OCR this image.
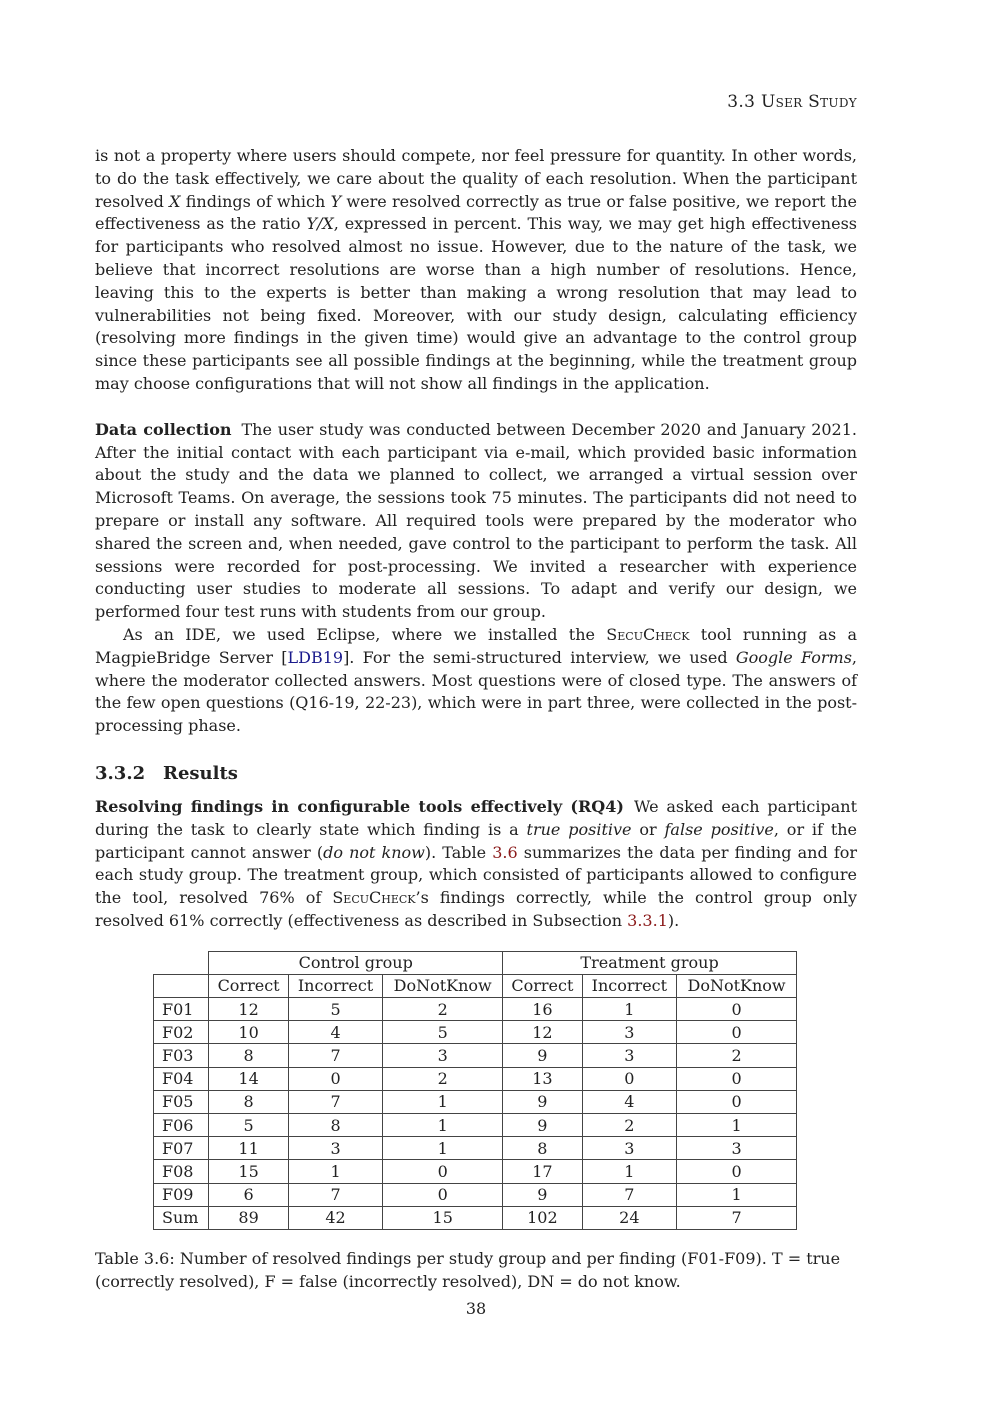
3.3 User Study

is not a property where users should compete, nor feel pressure for quantity. In other words, to do the task effectively, we care about the quality of each resolution. When the participant resolved X findings of which Y were resolved correctly as true or false positive, we report the effectiveness as the ratio Y/X, expressed in percent. This way, we may get high effectiveness for participants who resolved almost no issue. However, due to the nature of the task, we believe that incorrect resolutions are worse than a high number of resolutions. Hence, leaving this to the experts is better than making a wrong resolution that may lead to vulnerabilities not being fixed. Moreover, with our study design, calculating efficiency (resolving more findings in the given time) would give an advantage to the control group since these participants see all possible findings at the beginning, while the treatment group may choose configurations that will not show all findings in the application.

Data collection The user study was conducted between December 2020 and January 2021. After the initial contact with each participant via e-mail, which provided basic information about the study and the data we planned to collect, we arranged a virtual session over Microsoft Teams. On average, the sessions took 75 minutes. The participants did not need to prepare or install any software. All required tools were prepared by the moderator who shared the screen and, when needed, gave control to the participant to perform the task. All sessions were recorded for post-processing. We invited a researcher with experience conducting user studies to moderate all sessions. To adapt and verify our design, we performed four test runs with students from our group.

As an IDE, we used Eclipse, where we installed the SecuCheck tool running as a MagpieBridge Server [LDB19]. For the semi-structured interview, we used Google Forms, where the moderator collected answers. Most questions were of closed type. The answers of the few open questions (Q16-19, 22-23), which were in part three, were collected in the post-processing phase.

3.3.2 Results

Resolving findings in configurable tools effectively (RQ4) We asked each participant during the task to clearly state which finding is a true positive or false positive, or if the participant cannot answer (do not know). Table 3.6 summarizes the data per finding and for each study group. The treatment group, which consisted of participants allowed to configure the tool, resolved 76% of SecuCheck’s findings correctly, while the control group only resolved 61% correctly (effectiveness as described in Subsection 3.3.1).

	Control group			Treatment group		
	Correct	Incorrect	DoNotKnow	Correct	Incorrect	DoNotKnow
F01	12	5	2	16	1	0
F02	10	4	5	12	3	0
F03	8	7	3	9	3	2
F04	14	0	2	13	0	0
F05	8	7	1	9	4	0
F06	5	8	1	9	2	1
F07	11	3	1	8	3	3
F08	15	1	0	17	1	0
F09	6	7	0	9	7	1
Sum	89	42	15	102	24	7

Table 3.6: Number of resolved findings per study group and per finding (F01-F09). T = true (correctly resolved), F = false (incorrectly resolved), DN = do not know.

38
